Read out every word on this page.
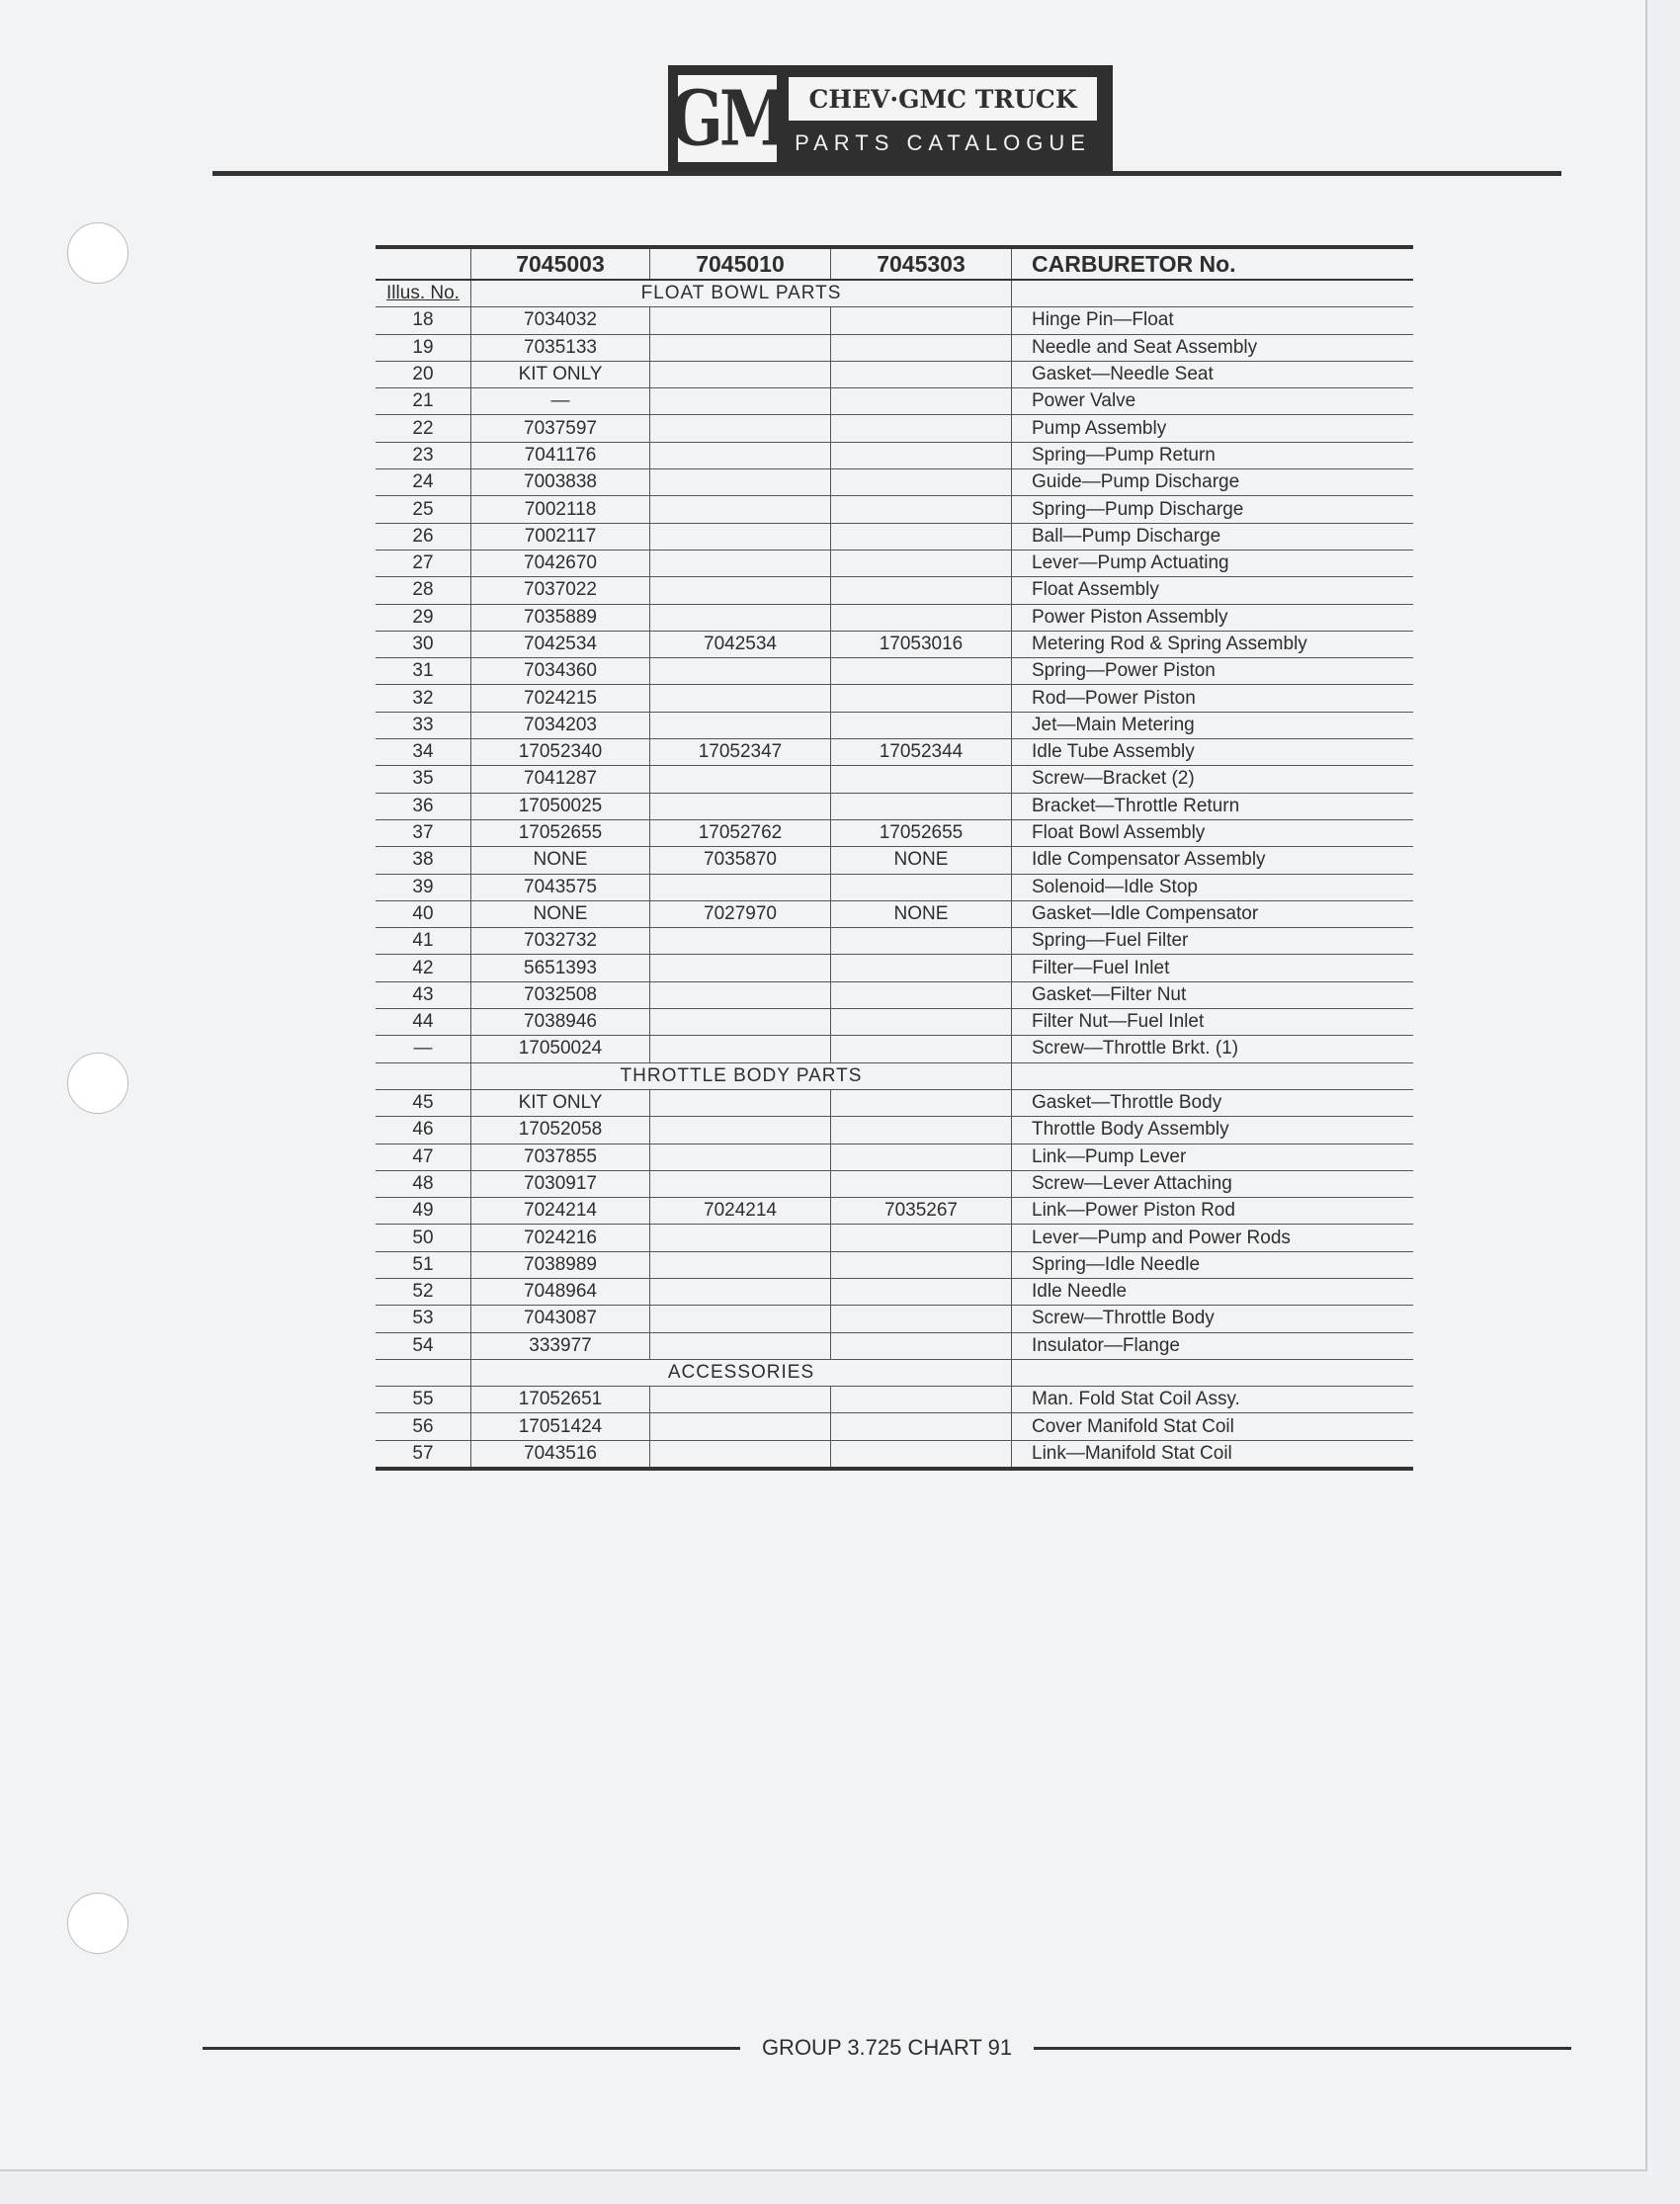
GM CHEV·GMC TRUCK
PARTS CATALOGUE
	7045003	7045010	7045303	CARBURETOR No.
Illus. No.	FLOAT BOWL PARTS			
18	7034032			Hinge Pin—Float
19	7035133			Needle and Seat Assembly
20	KIT ONLY			Gasket—Needle Seat
21	—			Power Valve
22	7037597			Pump Assembly
23	7041176			Spring—Pump Return
24	7003838			Guide—Pump Discharge
25	7002118			Spring—Pump Discharge
26	7002117			Ball—Pump Discharge
27	7042670			Lever—Pump Actuating
28	7037022			Float Assembly
29	7035889			Power Piston Assembly
30	7042534	7042534	17053016	Metering Rod & Spring Assembly
31	7034360			Spring—Power Piston
32	7024215			Rod—Power Piston
33	7034203			Jet—Main Metering
34	17052340	17052347	17052344	Idle Tube Assembly
35	7041287			Screw—Bracket (2)
36	17050025			Bracket—Throttle Return
37	17052655	17052762	17052655	Float Bowl Assembly
38	NONE	7035870	NONE	Idle Compensator Assembly
39	7043575			Solenoid—Idle Stop
40	NONE	7027970	NONE	Gasket—Idle Compensator
41	7032732			Spring—Fuel Filter
42	5651393			Filter—Fuel Inlet
43	7032508			Gasket—Filter Nut
44	7038946			Filter Nut—Fuel Inlet
—	17050024			Screw—Throttle Brkt. (1)
	THROTTLE BODY PARTS			
45	KIT ONLY			Gasket—Throttle Body
46	17052058			Throttle Body Assembly
47	7037855			Link—Pump Lever
48	7030917			Screw—Lever Attaching
49	7024214	7024214	7035267	Link—Power Piston Rod
50	7024216			Lever—Pump and Power Rods
51	7038989			Spring—Idle Needle
52	7048964			Idle Needle
53	7043087			Screw—Throttle Body
54	333977			Insulator—Flange
	ACCESSORIES			
55	17052651			Man. Fold Stat Coil Assy.
56	17051424			Cover Manifold Stat Coil
57	7043516			Link—Manifold Stat Coil
GROUP 3.725 CHART 91
